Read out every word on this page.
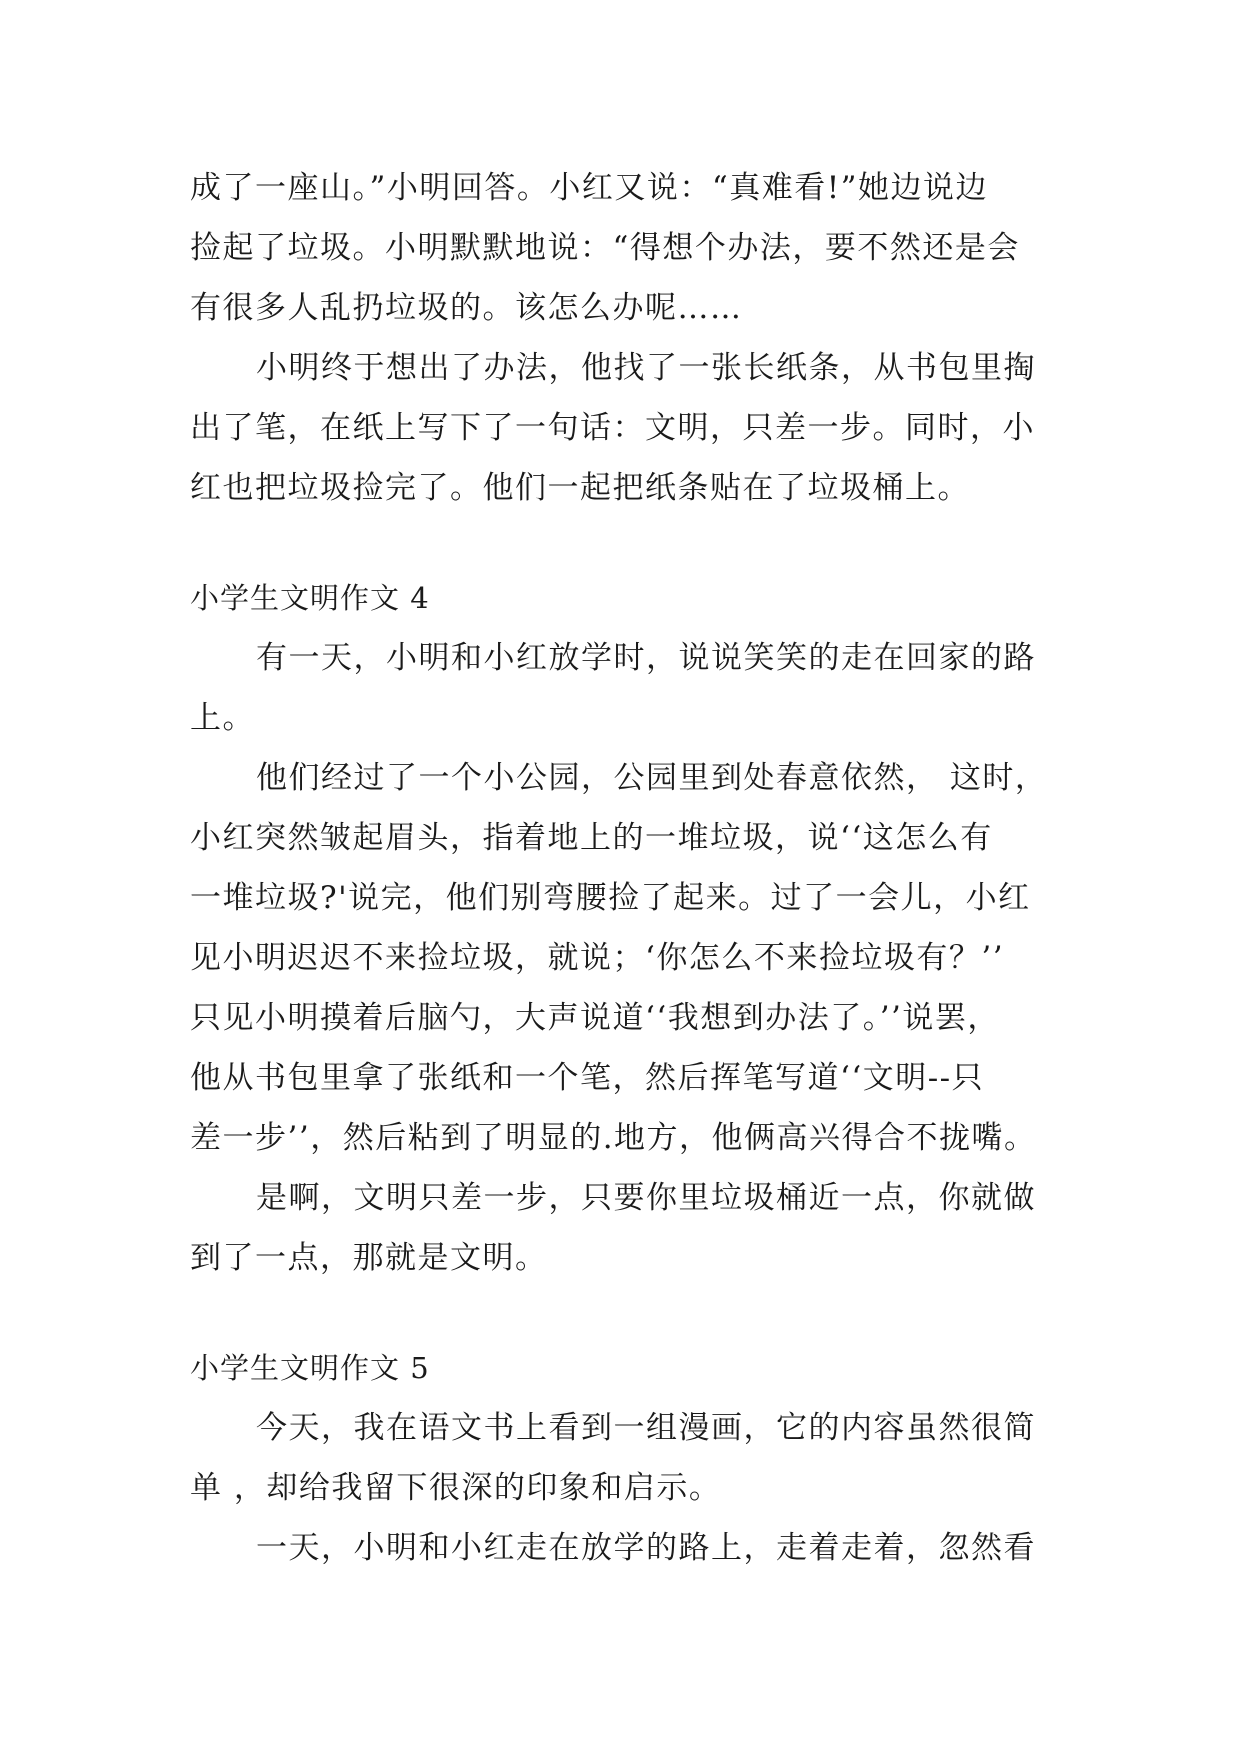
成了一座山。”小明回答。小红又说：“真难看!”她边说边
捡起了垃圾。小明默默地说：“得想个办法，要不然还是会
有很多人乱扔垃圾的。该怎么办呢……
小明终于想出了办法，他找了一张长纸条，从书包里掏
出了笔，在纸上写下了一句话：文明，只差一步。同时，小
红也把垃圾捡完了。他们一起把纸条贴在了垃圾桶上。
小学生文明作文 4
有一天，小明和小红放学时，说说笑笑的走在回家的路
上。
他们经过了一个小公园，公园里到处春意依然， 这时，
小红突然皱起眉头，指着地上的一堆垃圾，说‘‘这怎么有
一堆垃圾?'说完，他们别弯腰捡了起来。过了一会儿，小红
见小明迟迟不来捡垃圾，就说；‘你怎么不来捡垃圾有？’’
只见小明摸着后脑勺，大声说道‘‘我想到办法了。’’说罢，
他从书包里拿了张纸和一个笔，然后挥笔写道‘‘文明--只
差一步’’，然后粘到了明显的.地方，他俩高兴得合不拢嘴。
是啊，文明只差一步，只要你里垃圾桶近一点，你就做
到了一点，那就是文明。
小学生文明作文 5
今天，我在语文书上看到一组漫画，它的内容虽然很简
单 ，却给我留下很深的印象和启示。
一天，小明和小红走在放学的路上，走着走着，忽然看
